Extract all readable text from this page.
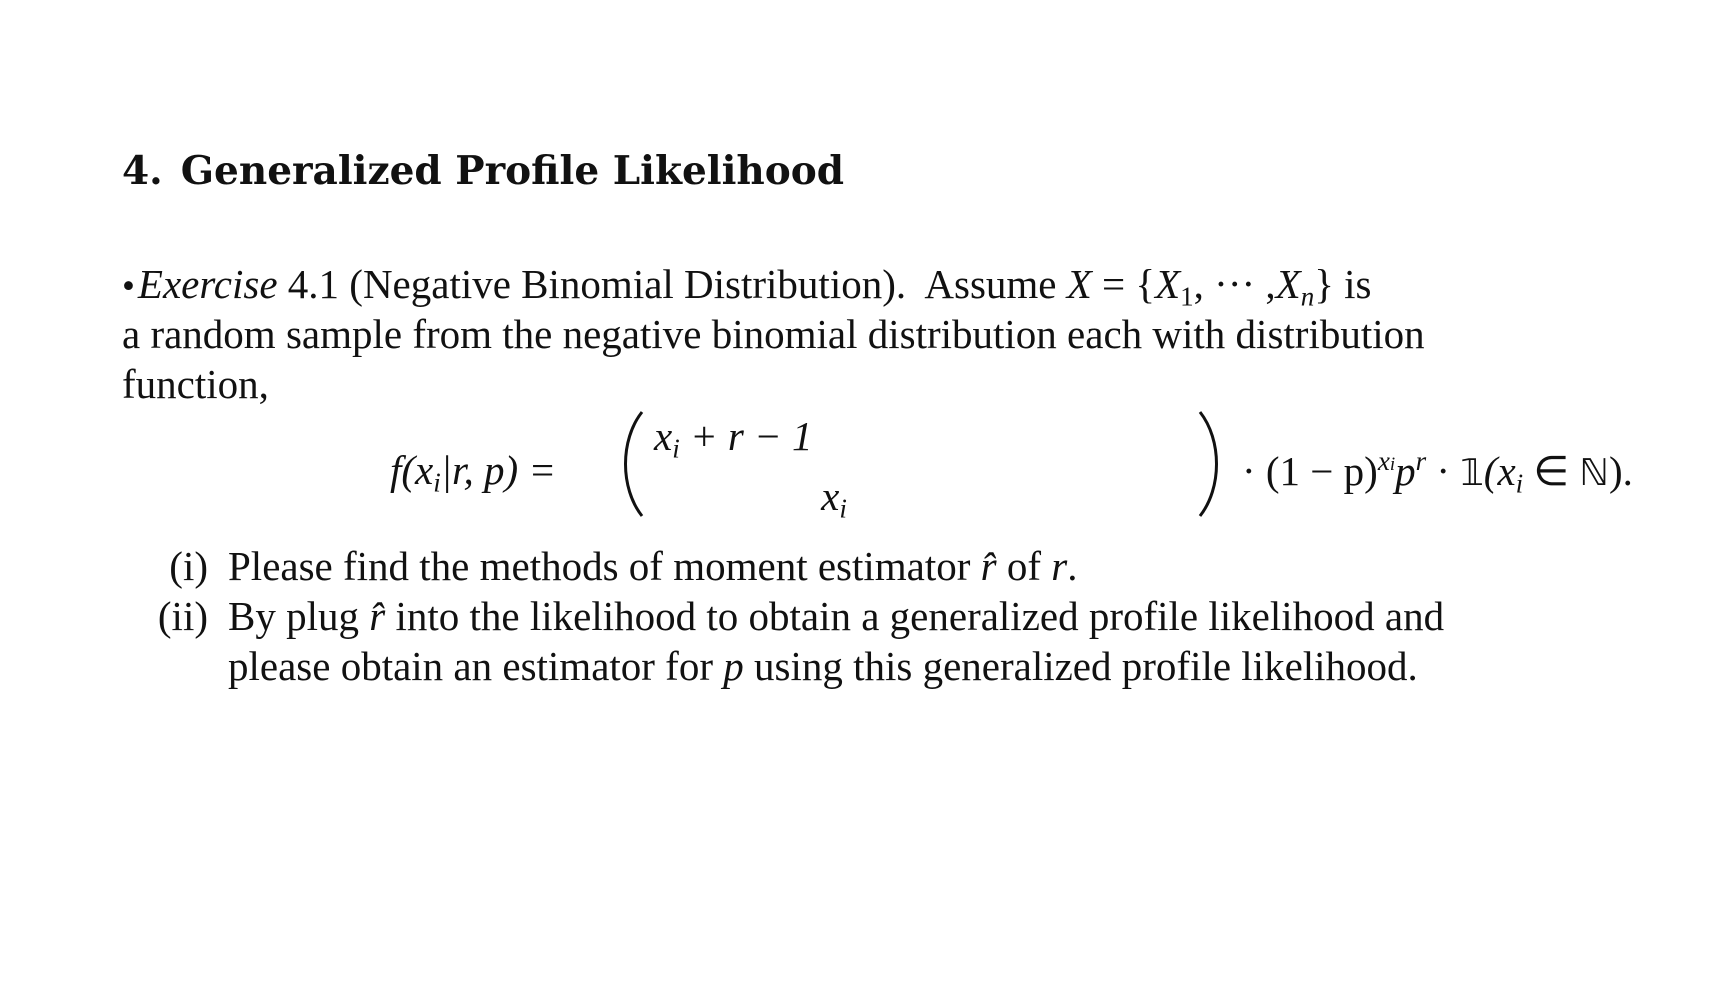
4. Generalized Profile Likelihood
•Exercise 4.1 (Negative Binomial Distribution). Assume $X = \{X_1$, ··· $,X_n$} is
a random sample from the negative binomial distribution each with distribution
function,
$f(x_i|r$, p) =
$x_i + r - 1$
$x_i$
· $(1 - p)^{xi}p^r$ · $𝟙(x_i$ ∈ ℕ).
(i) Please find the methods of moment estimator r̂ of r.
(ii) By plug r̂ into the likelihood to obtain a generalized profile likelihood and
please obtain an estimator for p using this generalized profile likelihood.
